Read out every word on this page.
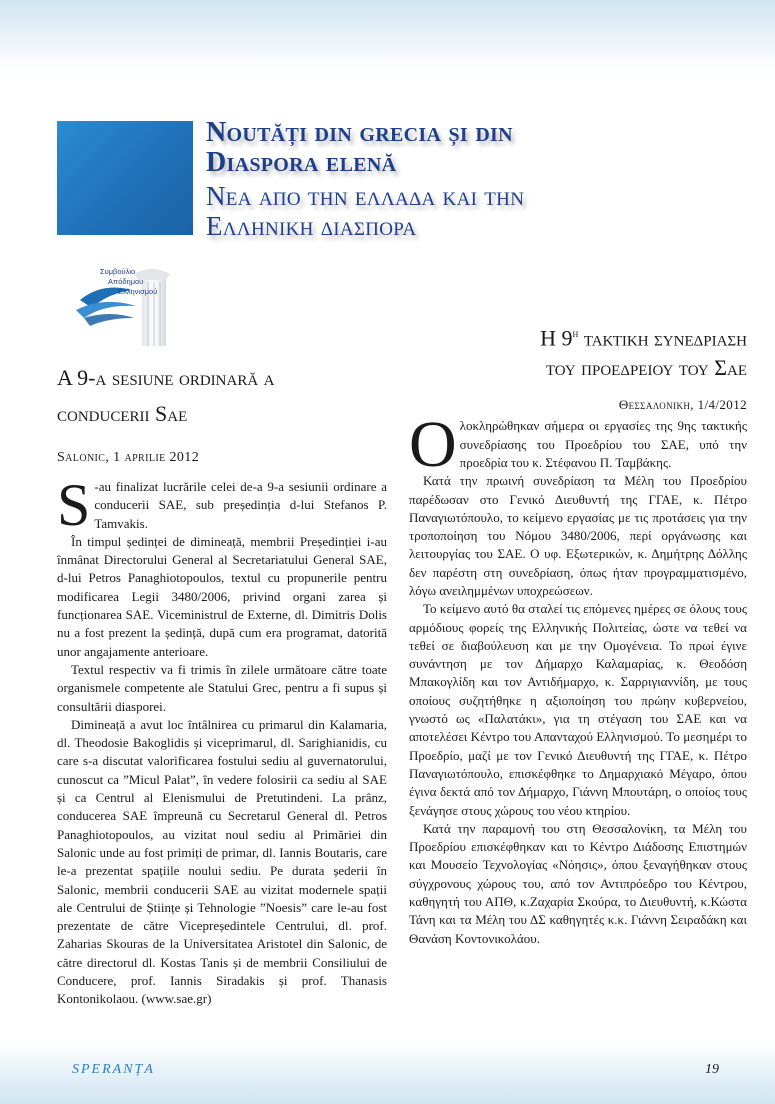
Noutăți din grecia și din
Diaspora elenă
Νεα απο την ελλαδα και την
Ελληνικη διασπορα
Συμβούλιο
Απόδημου
Ελληνισμού
A 9-a sesiune ordinară a
conducerii Sae
Salonic, 1 aprilie 2012

S -au finalizat lucrările celei de-a 9-a sesiunii ordinare a conducerii SAE, sub președinția d-lui Stefanos P. Tamvakis.

În timpul ședinței de dimineață, membrii Președinției i-au înmânat Directorului General al Secretariatului General SAE, d-lui Petros Panaghiotopoulos, textul cu propunerile pentru modificarea Legii 3480/2006, privind organi zarea și funcționarea SAE. Viceministrul de Externe, dl. Dimitris Dolis nu a fost prezent la ședință, după cum era programat, datorită unor angajamente anterioare.

Textul respectiv va fi trimis în zilele următoare către toate organismele competente ale Statului Grec, pentru a fi supus și consultării diasporei.

Dimineață a avut loc întâlnirea cu primarul din Kalamaria, dl. Theodosie Bakoglidis și viceprimarul, dl. Sarighianidis, cu care s-a discutat valorificarea fostului sediu al guvernatorului, cunoscut ca ”Micul Palat”, în vedere folosirii ca sediu al SAE și ca Centrul al Elenismului de Pretutindeni. La prânz, conducerea SAE împreună cu Secretarul General dl. Petros Panaghiotopoulos, au vizitat noul sediu al Primăriei din Salonic unde au fost primiți de primar, dl. Iannis Boutaris, care le-a prezentat spațiile noului sediu. Pe durata șederii în Salonic, membrii conducerii SAE au vizitat modernele spații ale Centrului de Științe și Tehnologie ”Noesis” care le-au fost prezentate de către Vicepreședintele Centrului, dl. prof. Zaharias Skouras de la Universitatea Aristotel din Salonic, de către directorul dl. Kostas Tanis și de membrii Consiliului de Conducere, prof. Iannis Siradakis și prof. Thanasis Kontonikolaou. (www.sae.gr)

Η $9^\eta$ τακτικη συνεδριαση
του προεδρειου του Σαε
Θεσσαλονικη, 1/4/2012

Ολοκληρώθηκαν σήμερα οι εργασίες της 9ης τακτικής συνεδρίασης του Προεδρίου του ΣΑΕ, υπό την προεδρία του κ. Στέφανου Π. Ταμβάκης.

Κατά την πρωινή συνεδρίαση τα Μέλη του Προεδρίου παρέδωσαν στο Γενικό Διευθυντή της ΓΓΑΕ, κ. Πέτρο Παναγιωτόπουλο, το κείμενο εργασίας με τις προτάσεις για την τροποποίηση του Νόμου 3480/2006, περί οργάνωσης και λειτουργίας του ΣΑΕ. Ο υφ. Εξωτερικών, κ. Δημήτρης Δόλλης δεν παρέστη στη συνεδρίαση, όπως ήταν προγραμματισμένο, λόγω ανειλημμένων υποχρεώσεων.

Το κείμενο αυτό θα σταλεί τις επόμενες ημέρες σε όλους τους αρμόδιους φορείς της Ελληνικής Πολιτείας, ώστε να τεθεί να τεθεί σε διαβούλευση και με την Ομογένεια. Το πρωί έγινε συνάντηση με τον Δήμαρχο Καλαμαρίας, κ. Θεοδόση Μπακογλίδη και τον Αντιδήμαρχο, κ. Σαρριγιαννίδη, με τους οποίους συζητήθηκε η αξιοποίηση του πρώην κυβερνείου, γνωστό ως «Παλατάκι», για τη στέγαση του ΣΑΕ και να αποτελέσει Κέντρο του Απανταχού Ελληνισμού. Το μεσημέρι το Προεδρίο, μαζί με τον Γενικό Διευθυντή της ΓΓΑΕ, κ. Πέτρο Παναγιωτόπουλο, επισκέφθηκε το Δημαρχιακό Μέγαρο, όπου έγινα δεκτά από τον Δήμαρχο, Γιάννη Μπουτάρη, ο οποίος τους ξενάγησε στους χώρους του νέου κτηρίου.

Κατά την παραμονή του στη Θεσσαλονίκη, τα Μέλη του Προεδρίου επισκέφθηκαν και το Κέντρο Διάδοσης Επιστημών και Μουσείο Τεχνολογίας «Νόησις», όπου ξεναγήθηκαν στους σύγχρονους χώρους του, από τον Αντιπρόεδρο του Κέντρου, καθηγητή του ΑΠΘ, κ.Ζαχαρία Σκούρα, το Διευθυντή, κ.Κώστα Τάνη και τα Μέλη του ΔΣ καθηγητές κ.κ. Γιάννη Σειραδάκη και Θανάση Κοντονικολάου.

SPERANȚA	19
